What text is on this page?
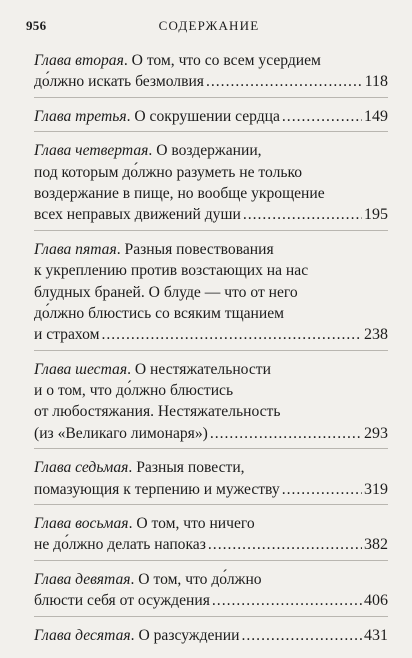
956	СОДЕРЖАНИЕ
Глава вторая. О том, что со всем усердием
до́лжно искать безмолвия .....	118
Глава третья. О сокрушении сердца .....	149
Глава четвертая. О воздержании,
под которым до́лжно разуметь не только
воздержание в пище, но вообще укрощение
всех неправых движений души .....	195
Глава пятая. Разныя повествования
к укреплению против возстающих на нас
блудных браней. О блуде — что от него
до́лжно блюстись со всяким тщанием
и страхом .....	238
Глава шестая. О нестяжательности
и о том, что до́лжно блюстись
от любостяжания. Нестяжательность
(из «Великаго лимонаря») .....	293
Глава седьмая. Разныя повести,
помазующия к терпению и мужеству .....	319
Глава восьмая. О том, что ничего
не до́лжно делать напоказ .....	382
Глава девятая. О том, что до́лжно
блюсти себя от осуждения .....	406
Глава десятая. О разсуждении .....	431
